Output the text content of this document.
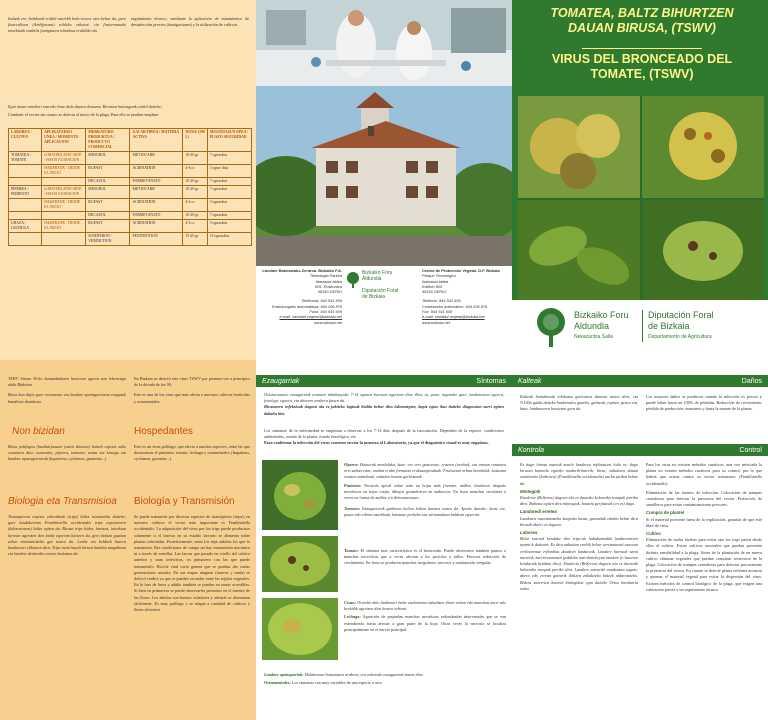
Induak ere; holahook erabili aurrekh hola-rezeoe ezin behar da; gero finsecalioen (Ambfyseam) soldeko eskoaut. cin finsta-mataks intsektuak enabiliz fumigasera tekmikoa erabiliko da.
seguimiento técnico, mediante la aplicación de tratamientos de desinfección previos (fumigaciones) y la utilización de cultivos.
Egin ninan emaltori rzarriko hoze dula duzten desnunu. Bereziaz batrezgoak erabil daiteke;
Combatir el vector sin cuanto se detecta al inicio de la plaga. Para ello se pueden emplear:
LABOREA / CULTIVO	APLIKATZEKO UNEA / MOMENTO APLICACION	MERKATURO PRODUKTUA / PRODUCTO COMERCIAL	GAI AKTIBOA / MATERIA ACTIVA	DOSIS (100 l.)	SEGURTASUN EPEA / PLAZO SEGURIDAD
TOMATEA / TOMATE	LORATZEA ZIAN ARTE / HASTA FLORACION	MESUROL	METIOCARB	10-20 gr	7 egunekoa
	HASIERATIK / DESDE EL INICIO	RUFAST	ACRINATRIN	4-6 cc	3 egun/ días
		DECAZOL	FORMETANATO	10-20 gr	7 egunekoa
PIPERRA / PIMIENTO	LORATZEA ZIAN ARTE / HASTA FLORACION	MESUROL	METIOCARB	10-20 gr	7 egunekoa
	HASIERATIK / DESDE EL INICIO	RUFAST	ACRINATRIN	4-6 cc	3 egunekoa
		DECAZOL	FORMETANATO	10-20 gr	7 egunekoa
URAZA / LECHUGA	HASIERATIK / DESDE EL INICIO	RUFAST	ACRINATRIN	4-6 cc	3 egunekoa
		SUMITHION / VERDICTION	FENITROTION	15-20 gr	15 egunekoa
Landare Babesarako Zentroa. Bizkaiko F.A.
Teknologia Parkea
Ibaizabal bidea
805. Eraikuntza
48160 DERIO
Telefonoa: 944 541 609
Erantzungailu automatikoa: 944 206 879
Faxa: 944 541 609
e-mail: sanidad.vegetal@bizkaia.net
www.bizkaia.net
Bizkaiko Foru
Aldundia
Diputación Foral
de Bizkaia
Centro de Protección Vegetal. D.F. Bizkaia
Parque Tecnológico
Ibaizabal bidea
Edificio 800
48160 DERIO
Teléfono: 944 541 609
Contestador automático: 944 206 879
Fax: 944 541 608
e-mail: sanidad.vegetal@bizkaia.net
www.bizkaia.net
TOMATEA, BALTZ BIHURTZEN DAUAN BIRUSA, (TSWV)
VIRUS DEL BRONCEADO DEL TOMATE, (TSWV)
Bizkaiko Foru
Aldundia
Nekazaritza Saila
Diputación Foral
de Bizkaia
Departamento de Agricultura
TSWV birusa 90.ko hamarkadaren hasieran agertu zan lehenengo aldiz Bizkaian.
Birus hau dajia gure ortuaretan eta landare apaingarrietan ezagutuk handiena dauskuna.
En Bizkaia se detectó este virus TSWV por primera vez a principios de la década de los 90.
Este es uno de los virus que más afecta a nuestros cultivos hortícolas y ornamentales.
Non bizidan	Hospedantes
Birus polifagoa (hazibat)ausari (uzten dituena) hainek espezie asko erasotzen ditu: esaterako, piperra, tomatea, uraza eta letxuga eta landare apaingarriarak (hupatiens, cyclamen, gazanias...).
Este es un virus polífago, que afecta a muchas especies, entre las que destacamos el pimiento, tomate, lechuga y ornamentales (Impatiens, cyclamen, gazanias...).
Biologia eta Transmisioa Biología y Transmisión
Tisanopteroa espezie ezberdinak (trips) bidez transmititu daiteke; gure landaketetan Frankliniella occidentalis trips espeziearen (hdezenearen) bidez egiten da. Birusa trips bidez, hartzea, intsektua lurrean agertzen den larba egoeran hartzen du, gero bizitza guztian zehar transmititzeko gai izaten da. Larba eta helduek batera landareari elikatzen dira. Trips mota hauek birusa hainbat mugakizun eta landare desberdin artean hedatzen du.
Se puede transmitir por diversas especies de tisanópteros (trips); en nuestros cultivos el vector más importante es Frankliniella occidentalis. La adquisición del virus por los trips puede producirse solamente si el insecto en su estadio larvario se alimenta sobre plantas infectadas. Posteriormente, tanto los trips adultos los que lo transmiten. Bio condiciones de campo un hay transmisión mecánica ni a través de semillas. Las larvas que pasado en criollo del cultivo anterior y unas infectivas, en primavera con las que puede transmitirlo. Bicicle vital corto genera que se puedan dar varias generaciones anuales. En sus etapas ninguen (huevos y ninfa) se deficol verdict ya que se pueden esconder entre las tejidos vegetales. En la fase de larva y adulto también se pueden en zonas accesibles. Si bien en primavera se puede observarles presentes en el interior de las flores. Los adultos son buenos voladores y además se diseminan fácilmente. Es muy polífago y se adapta a cantidad de cultivos y flores silvestres.
Ezaugarriak	Síntomas
Oxixiarunaren ezaugarriak erratzen inhabasyobe 7-14 egunen barruan agertzen dira. Beti, ez, pezie, inguruko gure, landarearen egoera, fenologi; egoera, eta ahorren arabera fatzen da.
Birusearen infekzioak dagoen ala ez jakiteko laginak bialdu behar dira laborategira, bapiz egiaz ikus daiteke diagnosian zurri egiten dabaltu bitz.
Los síntomas de la enfermedad se empiezan a observar a los 7-14 días después de la inoculación. Dependen de la especie, condiciones ambientales, estado de la planta, estado fenológico, etc.
Para confirmar la infección del virus conviene enviar la muestra al Laboratorio, ya que el diagnóstico visual es muy engañoso.
Piperra: Hainerak menlalaka, bate; ere orri gazteetan; erazten (orribak, eta emaan onsatzen orri zabaeretan; arabaz erabo formazio erakustapenduak. Fruituetan orban borobilak, batzutan erazten antzekoak, endalan iraana gorbeztuak.
Pimiento: Necrosis apical sobre todo en hojas más jóvenes, anillos cloróticos después necróticos en hojas viejas, dibujos geométricos en arabescos. En fruto manchas circulares a veces en forma de anillos y/o deformaciones.
Tomatea: Ezaugarrerek garbiena helion baltza hartzen izaten da. Aparte daiteke; beste ere, punta edo erbian aztobloak, batzutan perbeko ota zarinanduan baldean egoeran.
Tomate: El síntoma más característico es el bronceado. Puede observarse también puntos o manchas necróticas que a veces afectan a los peciolos y tallos. Provoca reducción de crecimiento. En fruto se producen manchas irregulares, necrosis y maduración irregular.
Uraza: Orrialm ahlo landonari balte ezaharenno zabaltzen diran orban edo manchas zurri tale herkidik agertzen dira hasien orbean.
Lechuga: Aparición de pequeñas manchas necróticas redondeadas intervenales que se van extendiendo hasta afectar a gran parte de la hoja. Otras veces la necrosis se localiza principalmente en el nervio principal.
Landare apaingarriak: Halabezran batzutanen arabera, era asketodo ezaugarriak izaten dira.
Ornamentales: Los síntomas son muy variables de una especie a otra.
Kalteak	Daños
Kalteak hamabosak inhikatza gisetxatea dausan izaten dira, eta %100a galda daiteke haskirnales ganeko, galtzeak, espitzo, geura eta, bata, landareuren hotsietan gera da.
Los mayores daños se producen cuando la infección es precoz y puede haber hasta un 100% de pérdidas. Reducción de crecimiento, pérdida de producción, enanismo y hasta la muerte de la planta.
Kontrola	Control
Ez dago birusa zuzenik zeaele landarea infektatuen loda ez; dago birusen baimola egiteko modurik-kuterik; birsu; zabaltzen dauan ezsaloanto (bektorea) (Frankliniella occidentalis) aurka jardun behar da.
Mintegiak
Emaleria (Belferoa) dagoen ala ez dantoko kolorezko tranpak jarriko dira. Babestu egiten dira mintegiak, batartu gerjiazeak (en ez) dago.
Landaredi erretea
Landarea ostuntziatzeko kanpoko hasta, garantiak edukin behar dira birusik ekarri ez dagoen.
Laborea
Belar txarrak kendube dire trips-ak habakomoduk landaretarren ayumi-k daitezen. Ez dira nabaitan erabili behar zereiminenti aurrean erriloarenaz erfionlina daudeen landareak. Landare hurruak sarta aurretik, zurrienoanetzat gedaleko uan-daitekeyan landare (e-lasteren kenduriak kendutu dira). Emaleria (Belferoa) dagoen ala ez duenetik kolorezko tranpak jarriko dira. Landare zezeartik emakoztua zagote, abera edo errean gainetik ibiltzea zabaltzeko bidezk aldaroztzeko. Bidera zuzerrien kontrol biologikoa egin daiteke Orius harakaria sartu.
Para los virus no existen métodos curativos, una vez infectada la planta no existen métodos curativos para su control, por lo que habría que actuar contra su vector transmisor (Frankliniella occidentalis).
Eliminación de las fuentes de infección. Colocación de trampas cromáticas para detectar la presencia del vector. Protección de semilleros para evitar contaminaciones precoces.
Compra de plantel
Si el material proviene fuera de la explotación, garantía de que esté libre de virus.
Cultivo
Eliminación de malas hierbas para evitar que los trips pasen desde ellas al cultivo. Evitar cultivos asociados que puedan presentar distinta sensibilidad a la plaga. Antes de la plantación de un nuevo cultivo eliminar vegetales que puedan constituir reservorio de la plaga. Colocación de trampas cromáticas para detectar precozmente la presencia del vector. En cuanto se detecte planta enferma arrancar y quemar el material vegetal para evitar la dispersión del virus. Existen métodos de control biológico de la plaga, que exigen una valoración previa y un seguimiento técnico.
